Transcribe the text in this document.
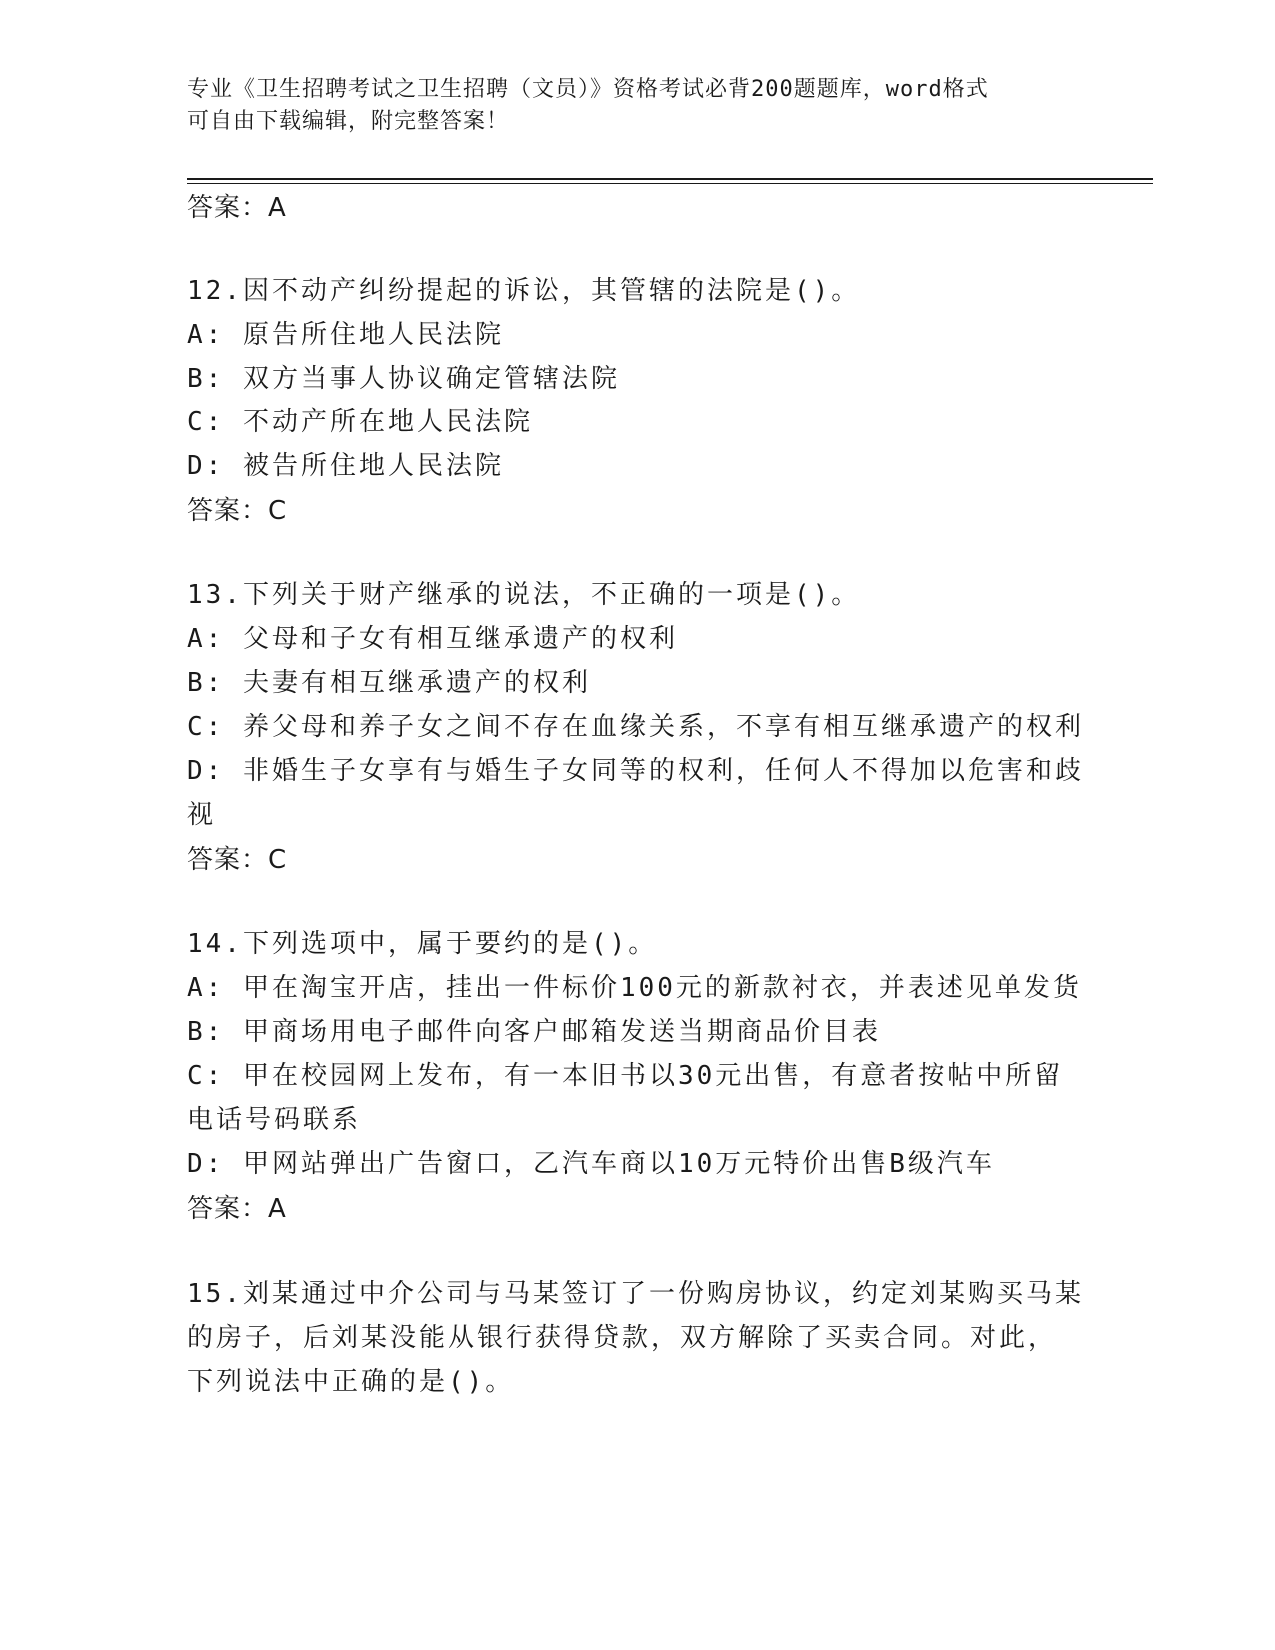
专业《卫生招聘考试之卫生招聘（文员）》资格考试必背200题题库，word格式
可自由下载编辑，附完整答案！
答案：A
12.因不动产纠纷提起的诉讼，其管辖的法院是()。
A: 原告所住地人民法院
B: 双方当事人协议确定管辖法院
C: 不动产所在地人民法院
D: 被告所住地人民法院
答案：C
13.下列关于财产继承的说法，不正确的一项是()。
A: 父母和子女有相互继承遗产的权利
B: 夫妻有相互继承遗产的权利
C: 养父母和养子女之间不存在血缘关系，不享有相互继承遗产的权利
D: 非婚生子女享有与婚生子女同等的权利，任何人不得加以危害和歧
视
答案：C
14.下列选项中，属于要约的是()。
A: 甲在淘宝开店，挂出一件标价100元的新款衬衣，并表述见单发货
B: 甲商场用电子邮件向客户邮箱发送当期商品价目表
C: 甲在校园网上发布，有一本旧书以30元出售，有意者按帖中所留
电话号码联系
D: 甲网站弹出广告窗口，乙汽车商以10万元特价出售B级汽车
答案：A
15.刘某通过中介公司与马某签订了一份购房协议，约定刘某购买马某
的房子，后刘某没能从银行获得贷款，双方解除了买卖合同。对此，
下列说法中正确的是()。
